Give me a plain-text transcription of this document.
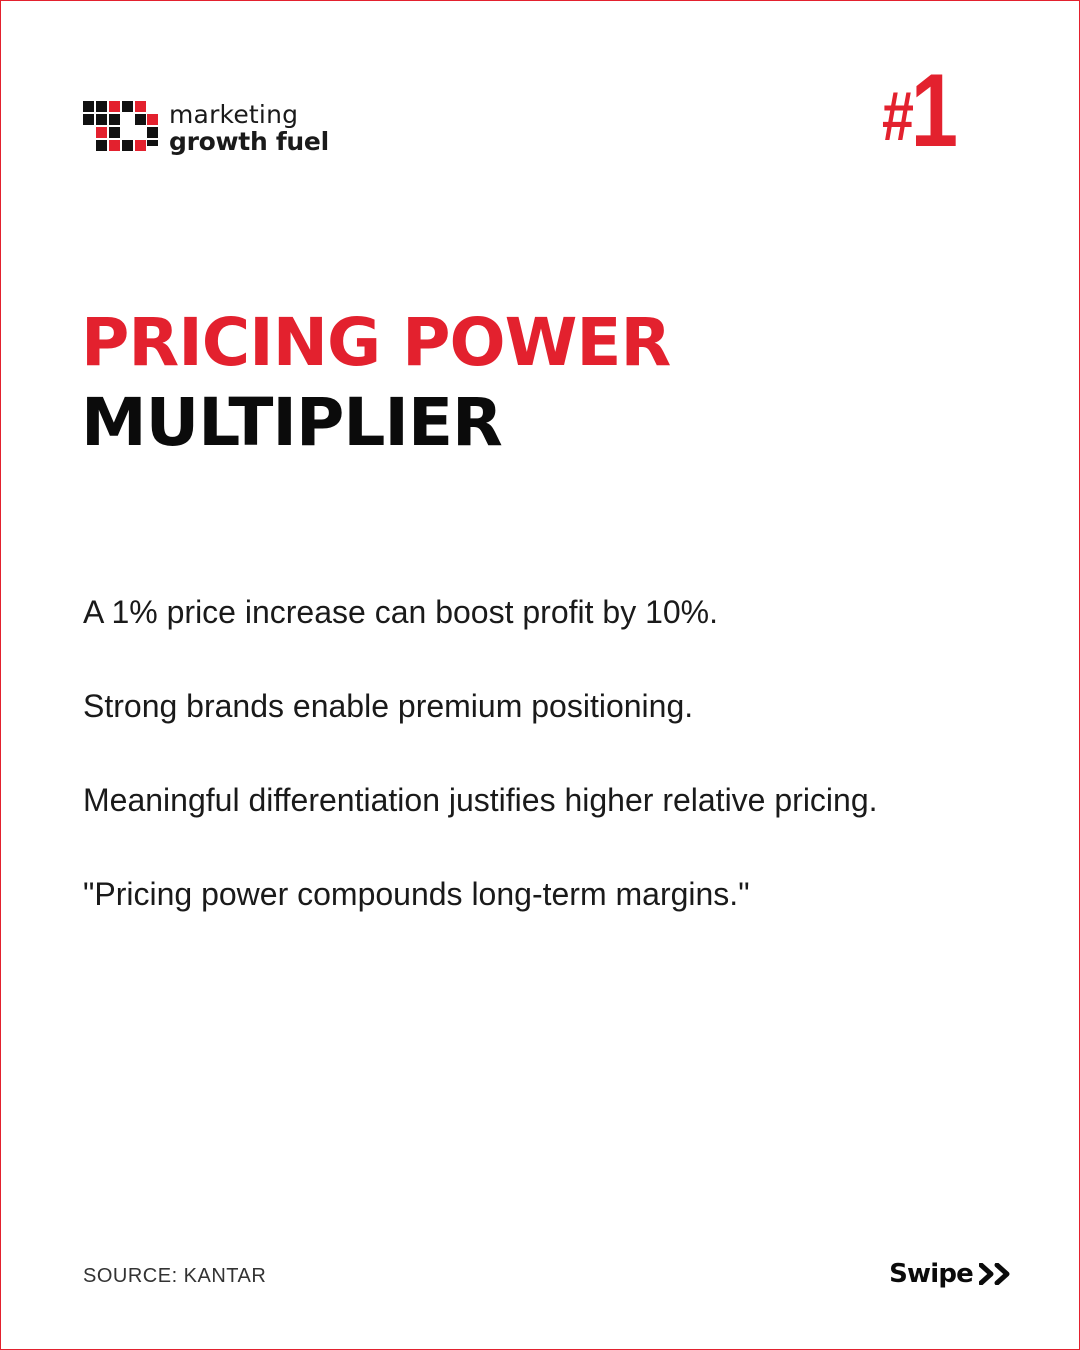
marketing
growth fuel	#1
PRICING POWER
MULTIPLIER

A 1% price increase can boost profit by 10%.

Strong brands enable premium positioning.

Meaningful differentiation justifies higher relative pricing.

"Pricing power compounds long-term margins."

SOURCE: KANTAR	Swipe
